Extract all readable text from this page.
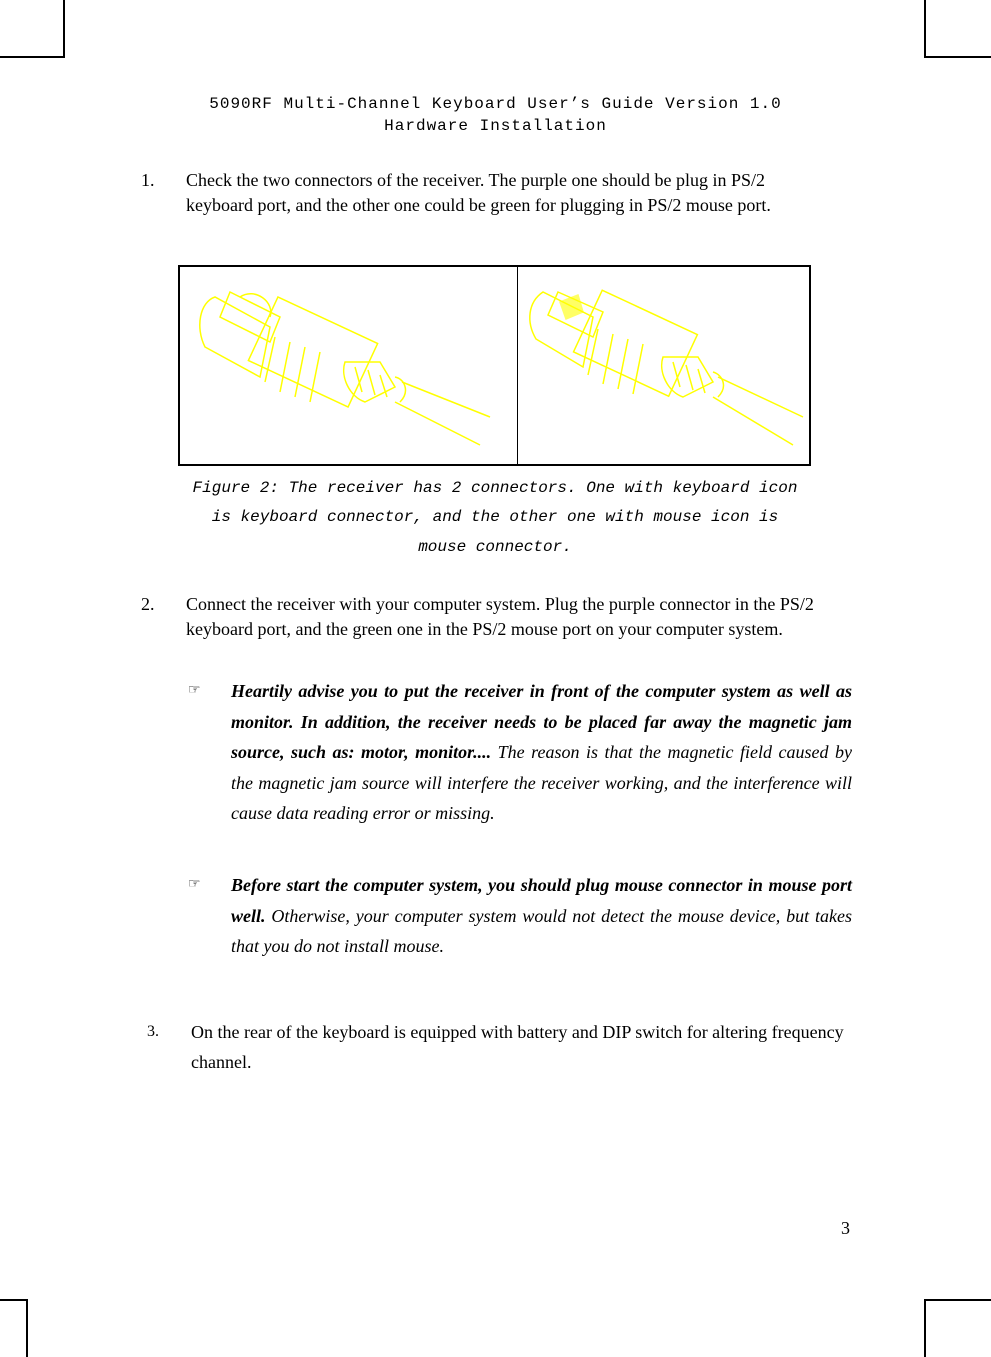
5090RF Multi-Channel Keyboard User’s Guide Version 1.0
Hardware Installation
1. Check the two connectors of the receiver. The purple one should be plug in PS/2 keyboard port, and the other one could be green for plugging in PS/2 mouse port.
Figure 2: The receiver has 2 connectors. One with keyboard icon
is keyboard connector, and the other one with mouse icon is
mouse connector.
2. Connect the receiver with your computer system. Plug the purple connector in the PS/2 keyboard port, and the green one in the PS/2 mouse port on your computer system.
☞ Heartily advise you to put the receiver in front of the computer system as well as monitor. In addition, the receiver needs to be placed far away the magnetic jam source, such as: motor, monitor.... The reason is that the magnetic field caused by the magnetic jam source will interfere the receiver working, and the interference will cause data reading error or missing.
☞ Before start the computer system, you should plug mouse connector in mouse port well. Otherwise, your computer system would not detect the mouse device, but takes that you do not install mouse.
3. On the rear of the keyboard is equipped with battery and DIP switch for altering frequency channel.
3
